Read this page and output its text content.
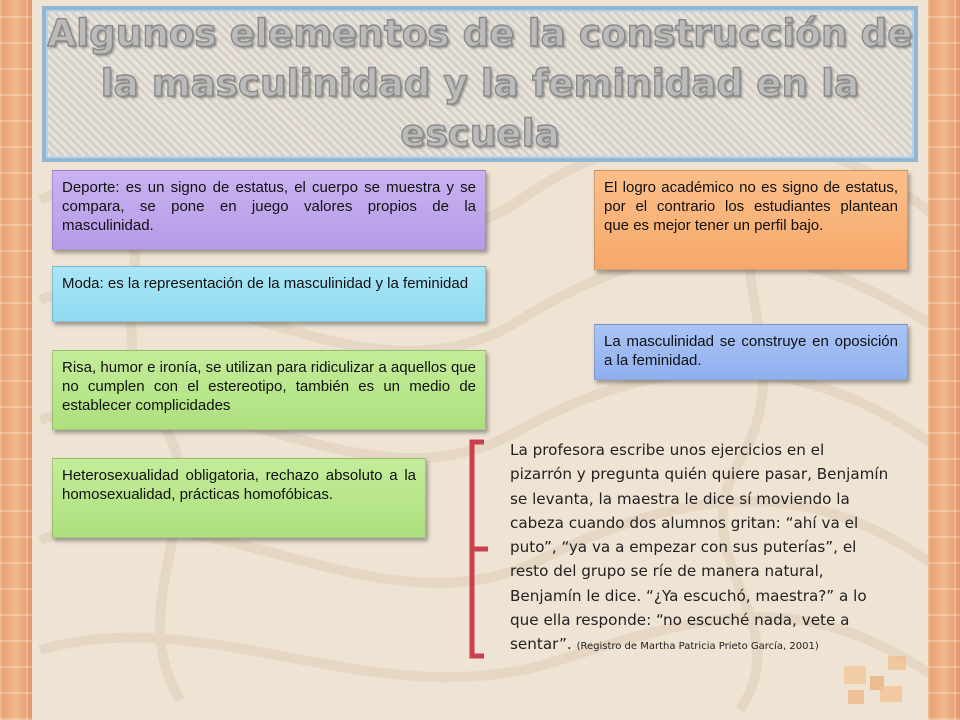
Algunos elementos de la construcción de la masculinidad y la feminidad en la escuela
Deporte: es un signo de estatus, el cuerpo se muestra y se compara, se pone en juego valores propios de la masculinidad.
Moda: es la representación de la masculinidad y la feminidad
Risa, humor e ironía, se utilizan para ridiculizar a aquellos que no cumplen con el estereotipo, también es un medio de establecer complicidades
Heterosexualidad obligatoria, rechazo absoluto a la homosexualidad, prácticas homofóbicas.
El logro académico no es signo de estatus, por el contrario los estudiantes plantean que es mejor tener un perfil bajo.
La masculinidad se construye en oposición a la feminidad.
La profesora escribe unos ejercicios en el pizarrón y pregunta quién quiere pasar, Benjamín se levanta, la maestra le dice sí moviendo la cabeza cuando dos alumnos gritan: “ahí va el puto”, “ya va a empezar con sus puterías”, el resto del grupo se ríe de manera natural, Benjamín le dice. “¿Ya escuchó, maestra?” a lo que ella responde: “no escuché nada, vete a sentar”. (Registro de Martha Patricia Prieto García, 2001)
